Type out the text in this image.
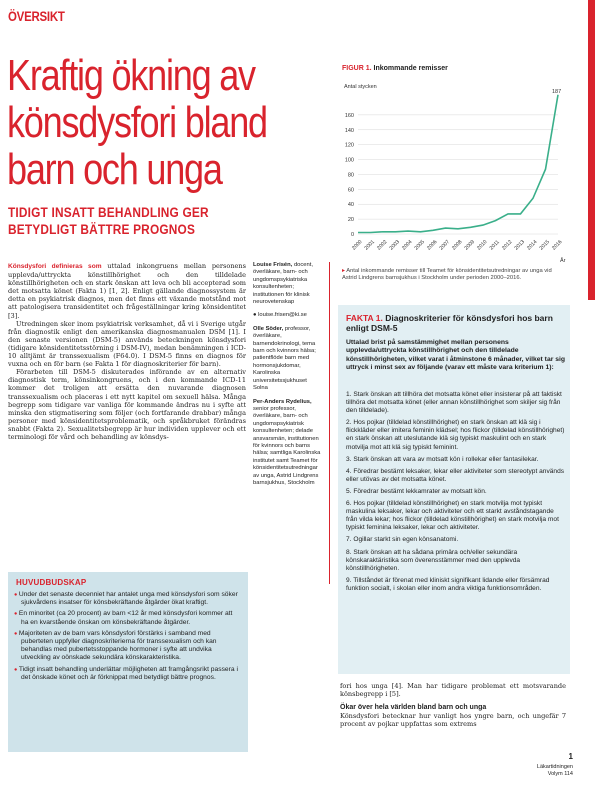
ÖVERSIKT
Kraftig ökning av
könsdysfori bland
barn och unga
TIDIGT INSATT BEHANDLING GER
BETYDLIGT BÄTTRE PROGNOS

Könsdysfori definieras som uttalad inkongruens mellan personens upplevda/uttryckta könstillhörighet och den tilldelade könstillhörigheten och en stark önskan att leva och bli accepterad som det motsatta könet (Fakta 1) [1, 2]. Enligt gällande diagnossystem är detta en psykiatrisk diagnos, men det finns ett växande motstånd mot att patologisera transidentitet och frågeställningar kring könsidentitet [3].

Utredningen sker inom psykiatrisk verksamhet, då vi i Sverige utgår från diagnostik enligt den amerikanska diagnosmanualen DSM [1]. I den senaste versionen (DSM-5) används beteckningen könsdysfori (tidigare könsidentitetsstörning i DSM-IV), medan benämningen i ICD-10 alltjämt är transsexualism (F64.0). I DSM-5 finns en diagnos för vuxna och en för barn (se Fakta 1 för diagnoskriterier för barn).

Förarbeten till DSM-5 diskuterades införande av en alternativ diagnostisk term, könsinkongruens, och i den kommande ICD-11 kommer det troligen att ersätta den nuvarande diagnosen transsexualism och placeras i ett nytt kapitel om sexuell hälsa. Många begrepp som tidigare var vanliga för kommande ändras nu i syfte att minska den stigmatisering som följer (och fortfarande drabbar) många personer med könsidentitetsproblematik, och språkbruket förändras snabbt (Fakta 2). Sexualitetsbegrepp är hur individen upplever och ett terminologi för vård och behandling av könsdys-

Louise Frisén, docent, överläkare, barn- och ungdomspsykiatriska konsultenheten; institutionen för klinisk neurovetenskap

● louise.frisen@ki.se

Olle Söder, professor, överläkare, barnendokrinologi, tema barn och kvinnors hälsa; patientflöde barn med hormonsjukdomar, Karolinska universitetssjukhuset Solna

Per-Anders Rydelius, senior professor, överläkare, barn- och ungdomspsykiatrisk konsultenheten; delade ansvarsmän, institutionen för kvinnors och barns hälsa; samtliga Karolinska institutet samt Teamet för könsidentitetsutredningar av unga, Astrid Lindgrens barnsjukhus, Stockholm

HUVUDBUDSKAP
● Under det senaste decenniet har antalet unga med könsdysfori som söker sjukvårdens insatser för könsbekräftande åtgärder ökat kraftigt.
● En minoritet (ca 20 procent) av barn <12 år med könsdysfori kommer att ha en kvarstående önskan om könsbekräftande åtgärder.
● Majoriteten av de barn vars könsdysfori förstärks i samband med puberteten uppfyller diagnoskriterierna för transsexualism och kan behandlas med pubertetsstoppande hormoner i syfte att undvika utveckling av oönskade sekundära könskarakteristika.
● Tidigt insatt behandling underlättar möjligheten att framgångsrikt passera i det önskade könet och är förknippat med betydligt bättre prognos.
FIGUR 1. Inkommande remisser
Antal stycken
0
20
40
60
80
100
120
140
160
2000 2001 2002 2003 2004 2005 2006 2007 2008 2009 2010 2011 2012 2013 2014 2015 2016
187
År
▸ Antal inkommande remisser till Teamet för könsidentitetsutredningar av unga vid Astrid Lindgrens barnsjukhus i Stockholm under perioden 2000–2016.
FAKTA 1. Diagnoskriterier för könsdysfori hos barn enligt DSM-5
Uttalad brist på samstämmighet mellan personens upplevda/uttryckta könstillhörighet och den tilldelade könstillhörigheten, vilket varat i åtminstone 6 månader, vilket tar sig uttryck i minst sex av följande (varav ett måste vara kriterium 1):
1. Stark önskan att tillhöra det motsatta könet eller insisterar på att faktiskt tillhöra det motsatta könet (eller annan könstillhörighet som skiljer sig från den tilldelade).
2. Hos pojkar (tilldelad könstillhörighet) en stark önskan att klä sig i flickkläder eller imitera feminin klädsel; hos flickor (tilldelad könstillhörighet) en stark önskan att uteslutande klä sig typiskt maskulint och en stark motvilja mot att klä sig typiskt feminint.
3. Stark önskan att vara av motsatt kön i rollekar eller fantasilekar.
4. Föredrar bestämt leksaker, lekar eller aktiviteter som stereotypt används eller utövas av det motsatta könet.
5. Föredrar bestämt lekkamrater av motsatt kön.
6. Hos pojkar (tilldelad könstillhörighet) en stark motvilja mot typiskt maskulina leksaker, lekar och aktiviteter och ett starkt avståndstagande från vilda lekar; hos flickor (tilldelad könstillhörighet) en stark motvilja mot typiskt feminina leksaker, lekar och aktiviteter.
7. Ogillar starkt sin egen könsanatomi.
8. Stark önskan att ha sådana primära och/eller sekundära könskaraktäristika som överensstämmer med den upplevda könstillhörigheten.
9. Tillståndet är förenat med kliniskt signifikant lidande eller försämrad funktion socialt, i skolan eller inom andra viktiga funktionsområden.

fori hos unga [4]. Man har tidigare problemat ett motsvarande könsbegrepp i [5].

Ökar över hela världen bland barn och unga

Könsdysfori betecknar hur vanligt hos yngre barn, och ungefär 7 procent av pojkar uppfattas som extrems

1
Läkartidningen
Volym 114
